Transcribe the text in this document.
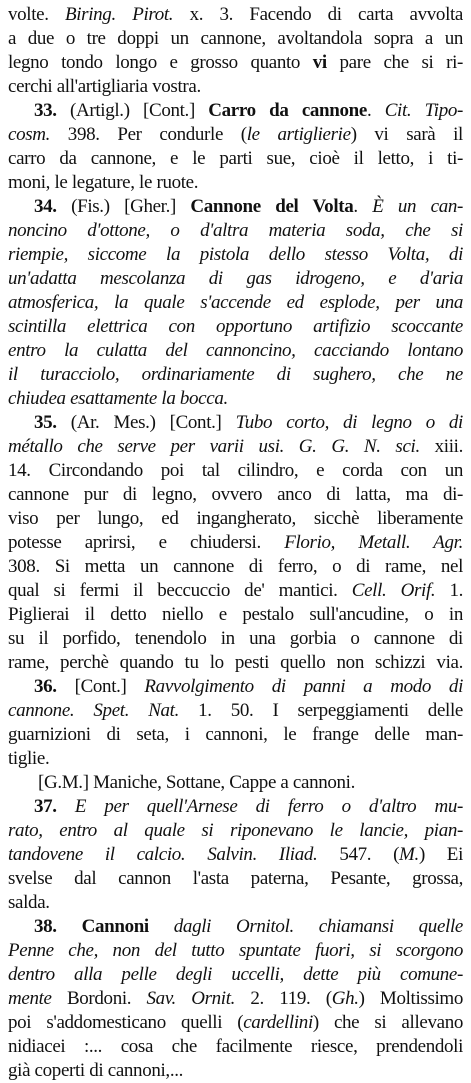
volte. Biring. Pirot. x. 3. Facendo di carta avvolta
a due o tre doppi un cannone, avoltandola sopra a un
legno tondo longo e grosso quanto vi pare che si ri-
cerchi all'artigliaria vostra.
33. (Artigl.) [Cont.] Carro da cannone. Cit. Tipo-
cosm. 398. Per condurle (le artiglierie) vi sarà il
carro da cannone, e le parti sue, cioè il letto, i ti-
moni, le legature, le ruote.
34. (Fis.) [Gher.] Cannone del Volta. È un can-
noncino d'ottone, o d'altra materia soda, che si
riempie, siccome la pistola dello stesso Volta, di
un'adatta mescolanza di gas idrogeno, e d'aria
atmosferica, la quale s'accende ed esplode, per una
scintilla elettrica con opportuno artifizio scoccante
entro la culatta del cannoncino, cacciando lontano
il turacciolo, ordinariamente di sughero, che ne
chiudea esattamente la bocca.
35. (Ar. Mes.) [Cont.] Tubo corto, di legno o di
métallo che serve per varii usi. G. G. N. sci. xiii.
14. Circondando poi tal cilindro, e corda con un
cannone pur di legno, ovvero anco di latta, ma di-
viso per lungo, ed ingangherato, sicchè liberamente
potesse aprirsi, e chiudersi. Florio, Metall. Agr.
308. Si metta un cannone di ferro, o di rame, nel
qual si fermi il beccuccio de' mantici. Cell. Orif. 1.
Piglierai il detto niello e pestalo sull'ancudine, o in
su il porfido, tenendolo in una gorbia o cannone di
rame, perchè quando tu lo pesti quello non schizzi via.
36. [Cont.] Ravvolgimento di panni a modo di
cannone. Spet. Nat. 1. 50. I serpeggiamenti delle
guarnizioni di seta, i cannoni, le frange delle man-
tiglie.
[G.M.] Maniche, Sottane, Cappe a cannoni.
37. E per quell'Arnese di ferro o d'altro mu-
rato, entro al quale si riponevano le lancie, pian-
tandovene il calcio. Salvin. Iliad. 547. (M.) Ei
svelse dal cannon l'asta paterna, Pesante, grossa,
salda.
38. Cannoni dagli Ornitol. chiamansi quelle
Penne che, non del tutto spuntate fuori, si scorgono
dentro alla pelle degli uccelli, dette più comune-
mente Bordoni. Sav. Ornit. 2. 119. (Gh.) Moltissimo
poi s'addomesticano quelli (cardellini) che si allevano
nidiacei :... cosa che facilmente riesce, prendendoli
già coperti di cannoni,...
